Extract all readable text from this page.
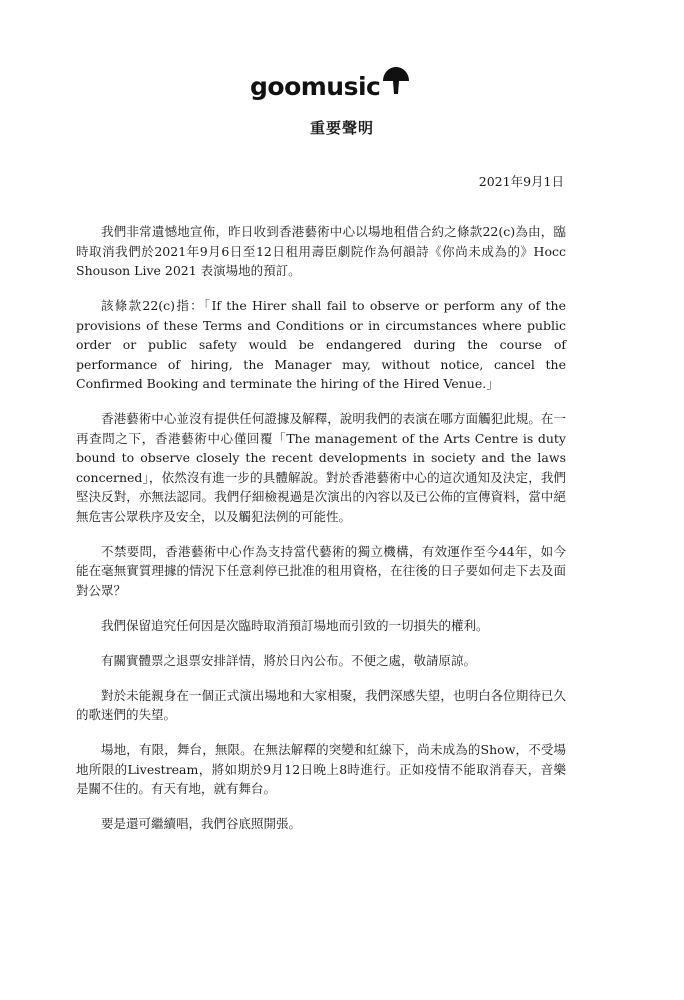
goomusic
重要聲明
2021年9月1日

我們非常遺憾地宣佈，昨日收到香港藝術中心以場地租借合約之條款22(c)為由，臨時取消我們於2021年9月6日至12日租用壽臣劇院作為何韻詩《你尚未成為的》Hocc Shouson Live 2021 表演場地的預訂。

該條款22(c)指：「If the Hirer shall fail to observe or perform any of the provisions of these Terms and Conditions or in circumstances where public order or public safety would be endangered during the course of performance of hiring, the Manager may, without notice, cancel the Confirmed Booking and terminate the hiring of the Hired Venue.」

香港藝術中心並沒有提供任何證據及解釋，說明我們的表演在哪方面觸犯此規。在一再查問之下，香港藝術中心僅回覆「The management of the Arts Centre is duty bound to observe closely the recent developments in society and the laws concerned」，依然沒有進一步的具體解說。對於香港藝術中心的這次通知及決定，我們堅決反對，亦無法認同。我們仔細檢視過是次演出的內容以及已公佈的宣傳資料，當中絕無危害公眾秩序及安全，以及觸犯法例的可能性。

不禁要問，香港藝術中心作為支持當代藝術的獨立機構，有效運作至今44年，如今能在毫無實質理據的情況下任意剎停已批准的租用資格，在往後的日子要如何走下去及面對公眾？

我們保留追究任何因是次臨時取消預訂場地而引致的一切損失的權利。

有關實體票之退票安排詳情，將於日內公布。不便之處，敬請原諒。

對於未能親身在一個正式演出場地和大家相聚，我們深感失望，也明白各位期待已久的歌迷們的失望。

場地，有限，舞台，無限。在無法解釋的突變和紅線下，尚未成為的Show，不受場地所限的Livestream，將如期於9月12日晚上8時進行。正如疫情不能取消春天，音樂是關不住的。有天有地，就有舞台。

要是還可繼續唱，我們谷底照開張。
